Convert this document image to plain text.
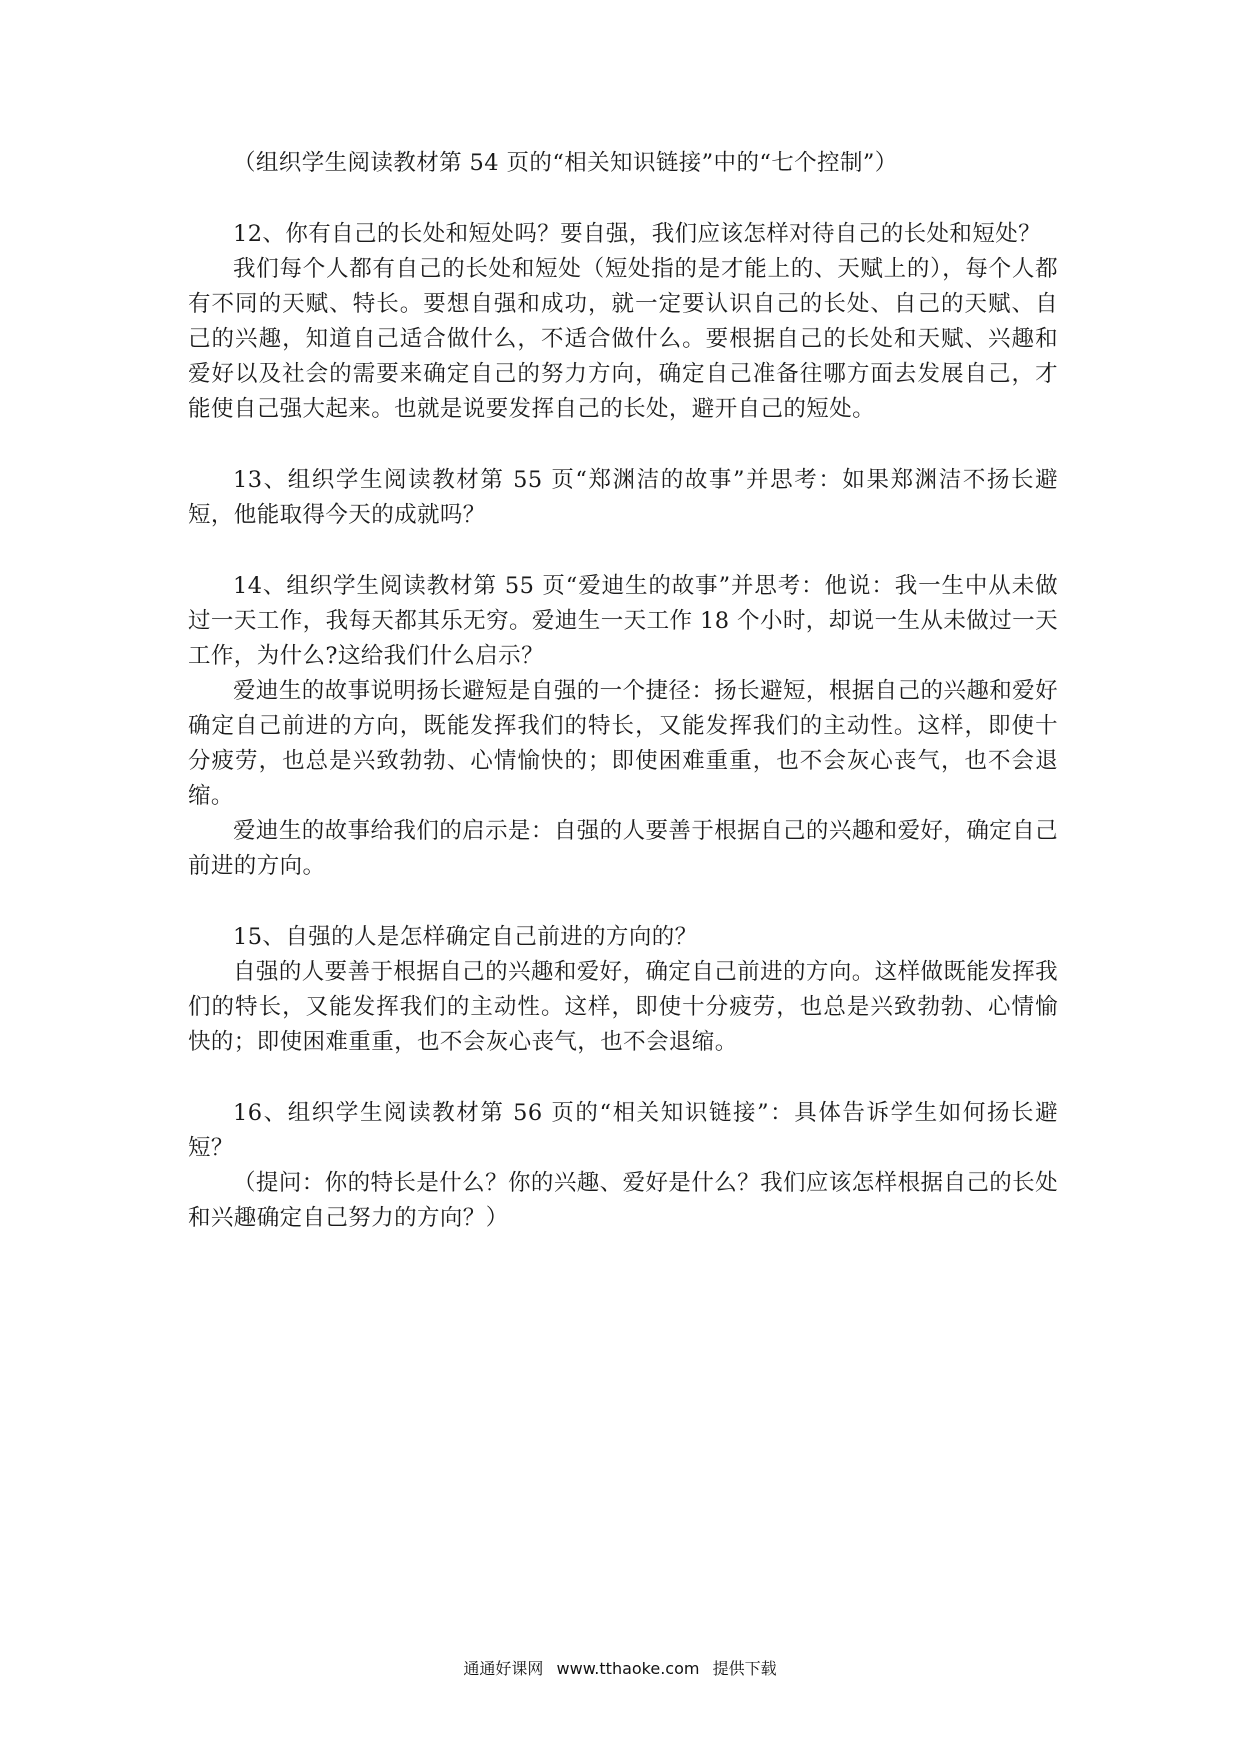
（组织学生阅读教材第 54 页的“相关知识链接”中的“七个控制”）

12、你有自己的长处和短处吗？要自强，我们应该怎样对待自己的长处和短处？

我们每个人都有自己的长处和短处（短处指的是才能上的、天赋上的），每个人都有不同的天赋、特长。要想自强和成功，就一定要认识自己的长处、自己的天赋、自己的兴趣，知道自己适合做什么，不适合做什么。要根据自己的长处和天赋、兴趣和爱好以及社会的需要来确定自己的努力方向，确定自己准备往哪方面去发展自己，才能使自己强大起来。也就是说要发挥自己的长处，避开自己的短处。

13、组织学生阅读教材第 55 页“郑渊洁的故事”并思考：如果郑渊洁不扬长避短，他能取得今天的成就吗？

14、组织学生阅读教材第 55 页“爱迪生的故事”并思考：他说：我一生中从未做过一天工作，我每天都其乐无穷。爱迪生一天工作 18 个小时，却说一生从未做过一天工作，为什么?这给我们什么启示？

爱迪生的故事说明扬长避短是自强的一个捷径：扬长避短，根据自己的兴趣和爱好确定自己前进的方向，既能发挥我们的特长，又能发挥我们的主动性。这样，即使十分疲劳，也总是兴致勃勃、心情愉快的；即使困难重重，也不会灰心丧气，也不会退缩。

爱迪生的故事给我们的启示是：自强的人要善于根据自己的兴趣和爱好，确定自己前进的方向。

15、自强的人是怎样确定自己前进的方向的？

自强的人要善于根据自己的兴趣和爱好，确定自己前进的方向。这样做既能发挥我们的特长，又能发挥我们的主动性。这样，即使十分疲劳，也总是兴致勃勃、心情愉快的；即使困难重重，也不会灰心丧气，也不会退缩。

16、组织学生阅读教材第 56 页的“相关知识链接”：具体告诉学生如何扬长避短？

（提问：你的特长是什么？你的兴趣、爱好是什么？我们应该怎样根据自己的长处和兴趣确定自己努力的方向？）

通通好课网 www.tthaoke.com 提供下载
